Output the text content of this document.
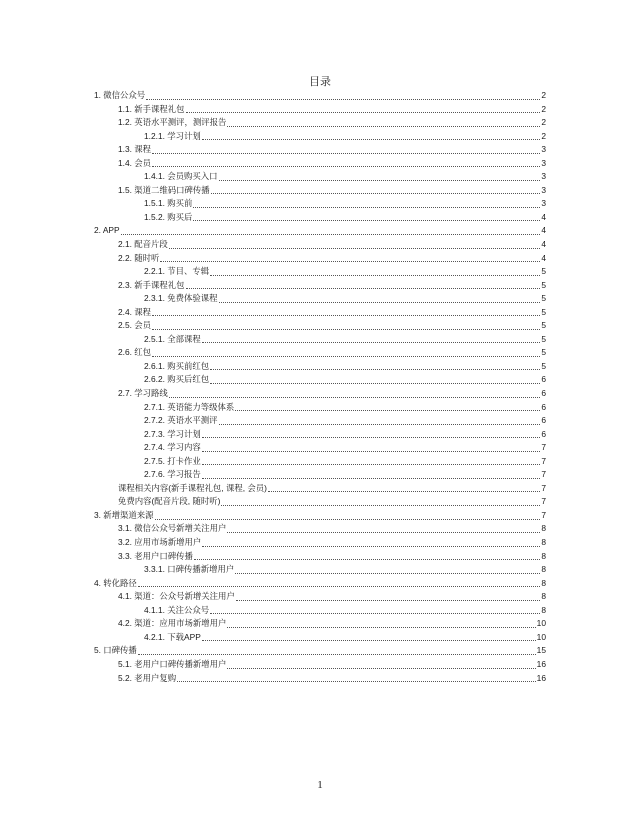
目录
1. 微信公众号	2
1.1. 新手课程礼包	2
1.2. 英语水平测评，测评报告	2
1.2.1. 学习计划	2
1.3. 课程	3
1.4. 会员	3
1.4.1. 会员购买入口	3
1.5. 渠道二维码口碑传播	3
1.5.1. 购买前	3
1.5.2. 购买后	4
2. APP	4
2.1. 配音片段	4
2.2. 随时听	4
2.2.1. 节目、专辑	5
2.3. 新手课程礼包	5
2.3.1. 免费体验课程	5
2.4. 课程	5
2.5. 会员	5
2.5.1. 全部课程	5
2.6. 红包	5
2.6.1. 购买前红包	5
2.6.2. 购买后红包	6
2.7. 学习路线	6
2.7.1. 英语能力等级体系	6
2.7.2. 英语水平测评	6
2.7.3. 学习计划	6
2.7.4. 学习内容	7
2.7.5. 打卡作业	7
2.7.6. 学习报告	7
课程相关内容(新手课程礼包, 课程, 会员)	7
免费内容(配音片段, 随时听)	7
3. 新增渠道来源	7
3.1. 微信公众号新增关注用户	8
3.2. 应用市场新增用户	8
3.3. 老用户口碑传播	8
3.3.1. 口碑传播新增用户	8
4. 转化路径	8
4.1. 渠道：公众号新增关注用户	8
4.1.1. 关注公众号	8
4.2. 渠道：应用市场新增用户	10
4.2.1. 下载APP	10
5. 口碑传播	15
5.1. 老用户口碑传播新增用户	16
5.2. 老用户复购	16
1
